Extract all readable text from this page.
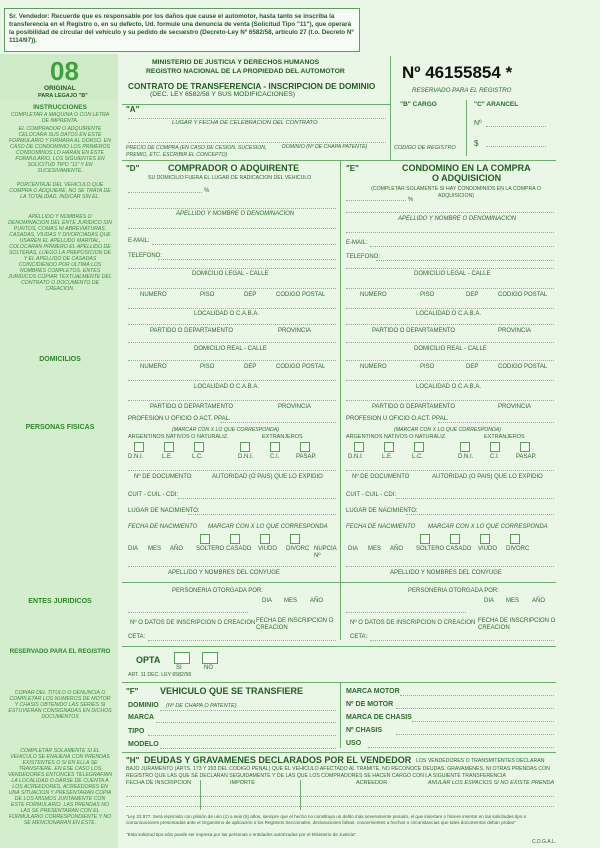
Sr. Vendedor: Recuerde que es responsable por los daños que cause el automotor, hasta tanto se inscriba la transferencia en el Registro o, en su defecto, Ud. formule una denuncia de venta (Solicitud Tipo "11"), que operará la posibilidad de circular del vehículo y su pedido de secuestro (Decreto-Ley Nº 6582/58, artículo 27 (t.o. Decreto Nº 1114/97)).
08
ORIGINAL
PARA LEGAJO "B"
INSTRUCCIONES
COMPLETAR A MAQUINA O CON LETRA DE IMPRENTA.
EL COMPRADOR O ADQUIRENTE CELOCARA SUS DATOS EN ESTE FORMULARIO Y FIRMARA AL DORSO. EN CASO DE CONDOMINIO LOS PRIMEROS CONDOMINOS LO HARAN EN ESTE FORMULARIO, LOS SIGUIENTES EN SOLICITUD TIPO "11" Y EN SUCESIVAMENTE.
PORCENTAJE DEL VEHICULO QUE COMPRA O ADQUIERE, NO SE TRATA DE LA TOTALIDAD, INDICAR SIN EL.
APELLIDO Y NOMBRES O DENOMINACION DEL ENTE JURIDICO SIN PUNTOS, COMAS NI ABREVIATURAS. CASADAS, VIUDAS Y DIVORCIADAS QUE USAREN EL APELLIDO MARITAL, COLOCARAN PRIMERO EL APELLIDO DE SOLTERAS, LUEGO LA PREPOSICION DE Y EL APELLIDO DE CASADAS COINCIDIENDO POR ULTIMA LOS NOMBRES COMPLETOS. ENTES JURIDICOS COPIAR TEXTUALMENTE DEL CONTRATO O DOCUMENTO DE CREACION.
DOMICILIOS
PERSONAS FISICAS
ENTES JURIDICOS
RESERVADO PARA EL REGISTRO
COPIAR DEL TITULO O DENUNCIA O COMPLETAR LOS NUMEROS DE MOTOR Y CHASIS OBTENIDO LAS SERIES SI ESTUVIERAN CONSIGNADAS EN DICHOS DOCUMENTOS
COMPLETAR SOLAMENTE SI EL VEHICULO SE ENAJENA CON PRENDAS EXISTENTES O SI EN ELLA SE TRANSFIERE. EN ESE CASO LOS VENDEDORES ENTONCES TELEGRAFIAN LA LOCALIDAD O DARSE DE CUENTA A LOS ACREEDORES, ACREEDORES EN UNA SITUACION Y PRESENTARAN COPIA DE LOS MISMOS JUNTAMENTE CON ESTE FORMULARIO. LAS PRENDAS NO LAS SE PRESENTARAN CON EL FORMULARIO CORRESPONDIENTE Y NO SE MENCIONARAN EN ESTE.
MINISTERIO DE JUSTICIA Y DERECHOS HUMANOS
REGISTRO NACIONAL DE LA PROPIEDAD DEL AUTOMOTOR
CONTRATO DE TRANSFERENCIA - INSCRIPCION DE DOMINIO
(DEC. LEY 6582/58 Y SUS MODIFICACIONES)
Nº 46155854 *
RESERVADO PARA EL REGISTRO
"B" CARGO	"C" ARANCEL
Nº
$
CODIGO DE REGISTRO
"A"
LUGAR Y FECHA DE CELEBRACION DEL CONTRATO
PRECIO DE COMPRA (EN CASO DE CESION, SUCESION, PREMIO, ETC. ESCRIBIR EL CONCEPTO)
DOMINIO (Nº DE CHAPA PATENTE)
"D"	COMPRADOR O ADQUIRENTE
SU DOMICILIO FUERA EL LUGAR DE RADICACION DEL VEHICULO
%
"E"	CONDOMINO EN LA COMPRA
O ADQUISICION
(COMPLETAR SOLAMENTE SI HAY CONDOMINIOS EN LA COMPRA O ADQUISICION)
%
APELLIDO Y NOMBRE O DENOMINACION
E-MAIL:
TELEFONO:
DOMICILIO LEGAL - CALLE
NUMERO	PISO	DEP	CODIGO POSTAL
LOCALIDAD O C.A.B.A.
PARTIDO O DEPARTAMENTO	PROVINCIA
DOMICILIO REAL - CALLE
NUMERO	PISO	DEP	CODIGO POSTAL
LOCALIDAD O C.A.B.A.
PARTIDO O DEPARTAMENTO	PROVINCIA
PROFESION U OFICIO O ACT. PPAL.
(MARCAR CON X LO QUE CORRESPONDA)
ARGENTINOS NATIVOS O NATURALIZ.	EXTRANJEROS
D.N.I.	L.E.	L.C.	D.N.I.	C.I.	PASAP.
Nº DE DOCUMENTO	AUTORIDAD (O PAIS) QUE LO EXPIDIO
CUIT - CUIL - CDI:
LUGAR DE NACIMIENTO:
FECHA DE NACIMIENTO MARCAR CON X LO QUE CORRESPONDA
DIA MES AÑO SOLTERO CASADO VIUDO DIVORC NUPCIA Nº
APELLIDO Y NOMBRES DEL CONYUGE
PERSONERIA OTORGADA POR:
DIA MES AÑO
Nº O DATOS DE INSCRIPCION O CREACION FECHA DE INSCRIPCION O CREACION
CETA:
APELLIDO Y NOMBRE O DENOMINACION
E-MAIL:
TELEFONO:
DOMICILIO LEGAL - CALLE
NUMERO	PISO	DEP	CODIGO POSTAL
LOCALIDAD O C.A.B.A.
PARTIDO O DEPARTAMENTO	PROVINCIA
DOMICILIO REAL - CALLE
NUMERO	PISO	DEP	CODIGO POSTAL
LOCALIDAD O C.A.B.A.
PARTIDO O DEPARTAMENTO	PROVINCIA
PROFESION U OFICIO O ACT. PPAL.
(MARCAR CON X LO QUE CORRESPONDA)
ARGENTINOS NATIVOS O NATURALIZ.	EXTRANJEROS
D.N.I.	L.E.	L.C.	D.N.I.	C.I.	PASAP.
Nº DE DOCUMENTO	AUTORIDAD (O PAIS) QUE LO EXPIDIO
CUIT - CUIL - CDI:
LUGAR DE NACIMIENTO:
FECHA DE NACIMIENTO MARCAR CON X LO QUE CORRESPONDA
DIA MES AÑO SOLTERO CASADO VIUDO DIVORC
APELLIDO Y NOMBRES DEL CONYUGE
PERSONERIA OTORGADA POR:
DIA MES AÑO
Nº O DATOS DE INSCRIPCION O CREACION FECHA DE INSCRIPCION O CREACION
CETA:
OPTA
SI	NO
ART. 11 DEC. LEY 6582/58
"F" VEHICULO QUE SE TRANSFIERE
DOMINIO (Nº DE CHAPA O PATENTE)
MARCA
TIPO
MODELO
MARCA MOTOR
Nº DE MOTOR
MARCA DE CHASIS
Nº CHASIS
USO
"H" DEUDAS Y GRAVAMENES DECLARADOS POR EL VENDEDOR LOS VENDEDORES O TRANSMITENTES DECLARAN BAJO JURAMENTO (ARTS. 173 Y 293 DEL CODIGO PENAL) QUE EL VEHICULO AFECTADO AL TRAMITE, NO RECONOCE DEUDAS, GRAVAMENES, NI OTRAS PRENDAS CON REGISTRO QUE LAS QUE SE DECLARAN SEGUIDAMENTE Y DE LAS QUE LOS COMPRADORES SE HACEN CARGO CON LA SIGUIENTE TRANSFERENCIA
FECHA DE INSCRIPCION	IMPORTE	ACREEDOR	ANULAR LOS ESPACIOS SI NO EXISTE PRENDA
"Ley 22.977. Será reprimido con prisión de uno (1) a seis (6) años, siempre que el hecho no constituya un delito más severamente penado, el que insertare o hiciere insertar en las solicitudes tipo o comunicaciones presentadas ante el Organismo de aplicación o los Registros Seccionales, declaraciones falsas, concernientes a hechos o circunstancias que tales documentos deban probar"
"Esta solicitud tipo sólo puede ser impresa por las personas o entidades autorizadas por el Ministerio de Justicia"
C.D.G.A.L.
